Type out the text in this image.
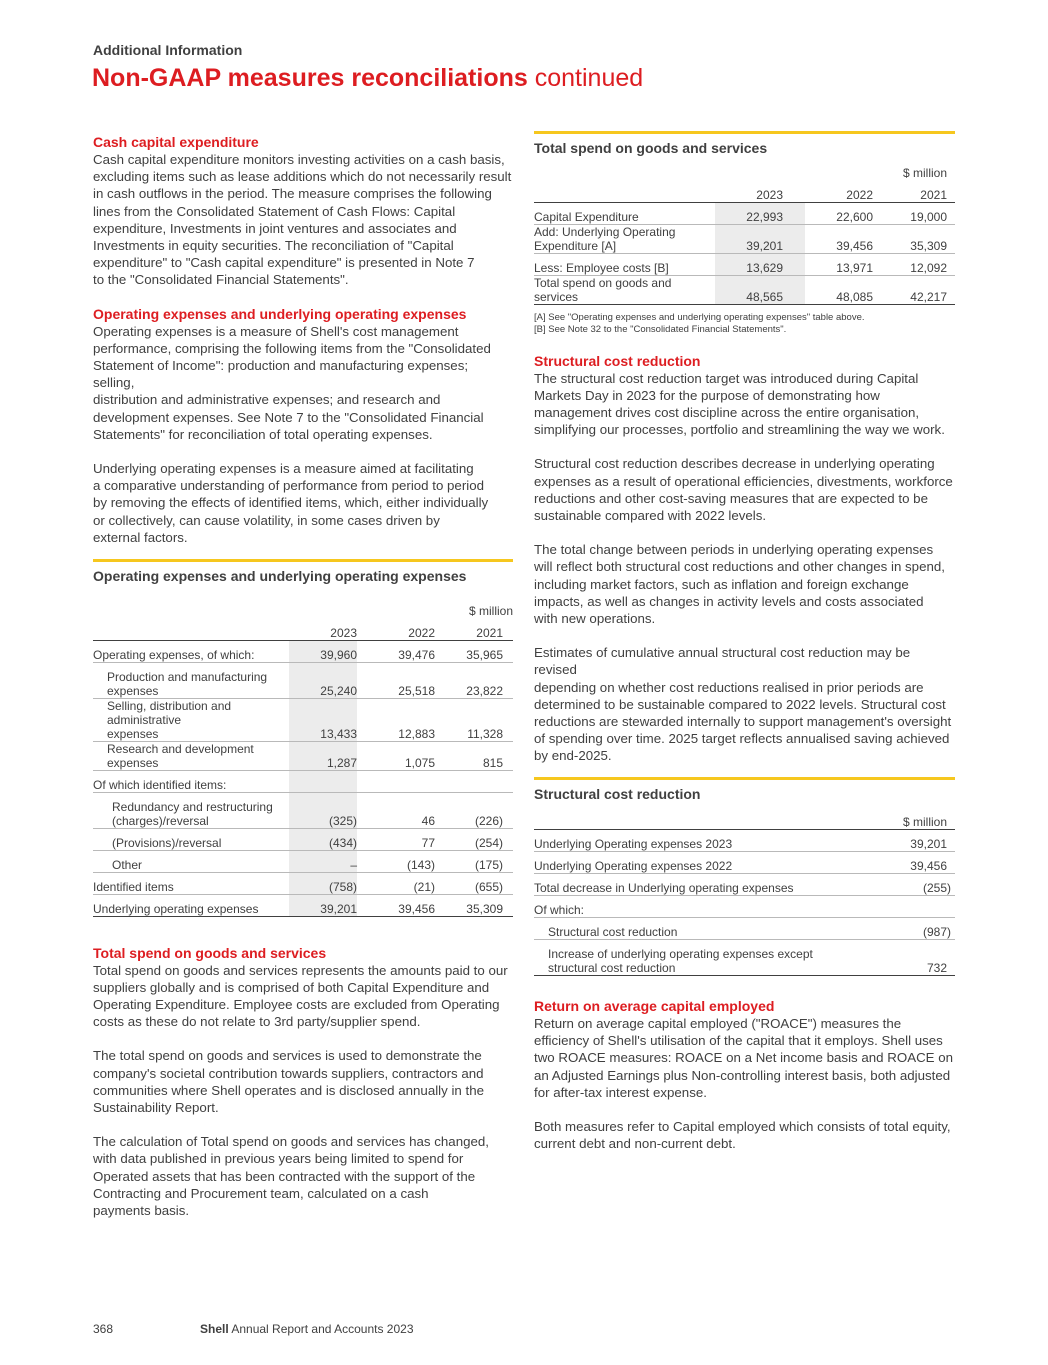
Additional Information
Non-GAAP measures reconciliations continued
Cash capital expenditure
Cash capital expenditure monitors investing activities on a cash basis,
excluding items such as lease additions which do not necessarily result
in cash outflows in the period. The measure comprises the following
lines from the Consolidated Statement of Cash Flows: Capital
expenditure, Investments in joint ventures and associates and
Investments in equity securities. The reconciliation of "Capital
expenditure" to "Cash capital expenditure" is presented in Note 7
to the "Consolidated Financial Statements".
Operating expenses and underlying operating expenses
Operating expenses is a measure of Shell's cost management
performance, comprising the following items from the "Consolidated
Statement of Income": production and manufacturing expenses; selling,
distribution and administrative expenses; and research and
development expenses. See Note 7 to the "Consolidated Financial
Statements" for reconciliation of total operating expenses.
Underlying operating expenses is a measure aimed at facilitating
a comparative understanding of performance from period to period
by removing the effects of identified items, which, either individually
or collectively, can cause volatility, in some cases driven by
external factors.
Operating expenses and underlying operating expenses
	$ million				
	2023		2022	2021	
Operating expenses, of which:	39,960		39,476	35,965	

Production and manufacturing
expenses	25,240		25,518	23,822	

Selling, distribution and administrative
expenses	13,433		12,883	11,328	
Research and development expenses	1,287		1,075	815	
Of which identified items:					

Redundancy and restructuring
(charges)/reversal	(325)		46	(226)	
(Provisions)/reversal	(434)		77	(254)	
Other	–		(143)	(175)	
Identified items	(758)		(21)	(655)	
Underlying operating expenses	39,201		39,456	35,309	
Total spend on goods and services
Total spend on goods and services represents the amounts paid to our
suppliers globally and is comprised of both Capital Expenditure and
Operating Expenditure. Employee costs are excluded from Operating
costs as these do not relate to 3rd party/supplier spend.
The total spend on goods and services is used to demonstrate the
company's societal contribution towards suppliers, contractors and
communities where Shell operates and is disclosed annually in the
Sustainability Report.
The calculation of Total spend on goods and services has changed,
with data published in previous years being limited to spend for
Operated assets that has been contracted with the support of the
Contracting and Procurement team, calculated on a cash
payments basis.
Total spend on goods and services
	$ million			
	2023	2022	2021	
Capital Expenditure	22,993	22,600	19,000	
Add: Underlying Operating Expenditure [A]	39,201	39,456	35,309	
Less: Employee costs [B]	13,629	13,971	12,092	
Total spend on goods and services	48,565	48,085	42,217	
[A] See "Operating expenses and underlying operating expenses" table above.
[B] See Note 32 to the "Consolidated Financial Statements".
Structural cost reduction
The structural cost reduction target was introduced during Capital
Markets Day in 2023 for the purpose of demonstrating how
management drives cost discipline across the entire organisation,
simplifying our processes, portfolio and streamlining the way we work.
Structural cost reduction describes decrease in underlying operating
expenses as a result of operational efficiencies, divestments, workforce
reductions and other cost-saving measures that are expected to be
sustainable compared with 2022 levels.
The total change between periods in underlying operating expenses
will reflect both structural cost reductions and other changes in spend,
including market factors, such as inflation and foreign exchange
impacts, as well as changes in activity levels and costs associated
with new operations.
Estimates of cumulative annual structural cost reduction may be revised
depending on whether cost reductions realised in prior periods are
determined to be sustainable compared to 2022 levels. Structural cost
reductions are stewarded internally to support management's oversight
of spending over time. 2025 target reflects annualised saving achieved
by end-2025.
Structural cost reduction
	$ million
Underlying Operating expenses 2023	39,201
Underlying Operating expenses 2022	39,456
Total decrease in Underlying operating expenses	(255)
Of which:	
Structural cost reduction	(987)

Increase of underlying operating expenses except
structural cost reduction	732
Return on average capital employed
Return on average capital employed ("ROACE") measures the
efficiency of Shell's utilisation of the capital that it employs. Shell uses
two ROACE measures: ROACE on a Net income basis and ROACE on
an Adjusted Earnings plus Non-controlling interest basis, both adjusted
for after-tax interest expense.
Both measures refer to Capital employed which consists of total equity,
current debt and non-current debt.
368	Shell Annual Report and Accounts 2023
